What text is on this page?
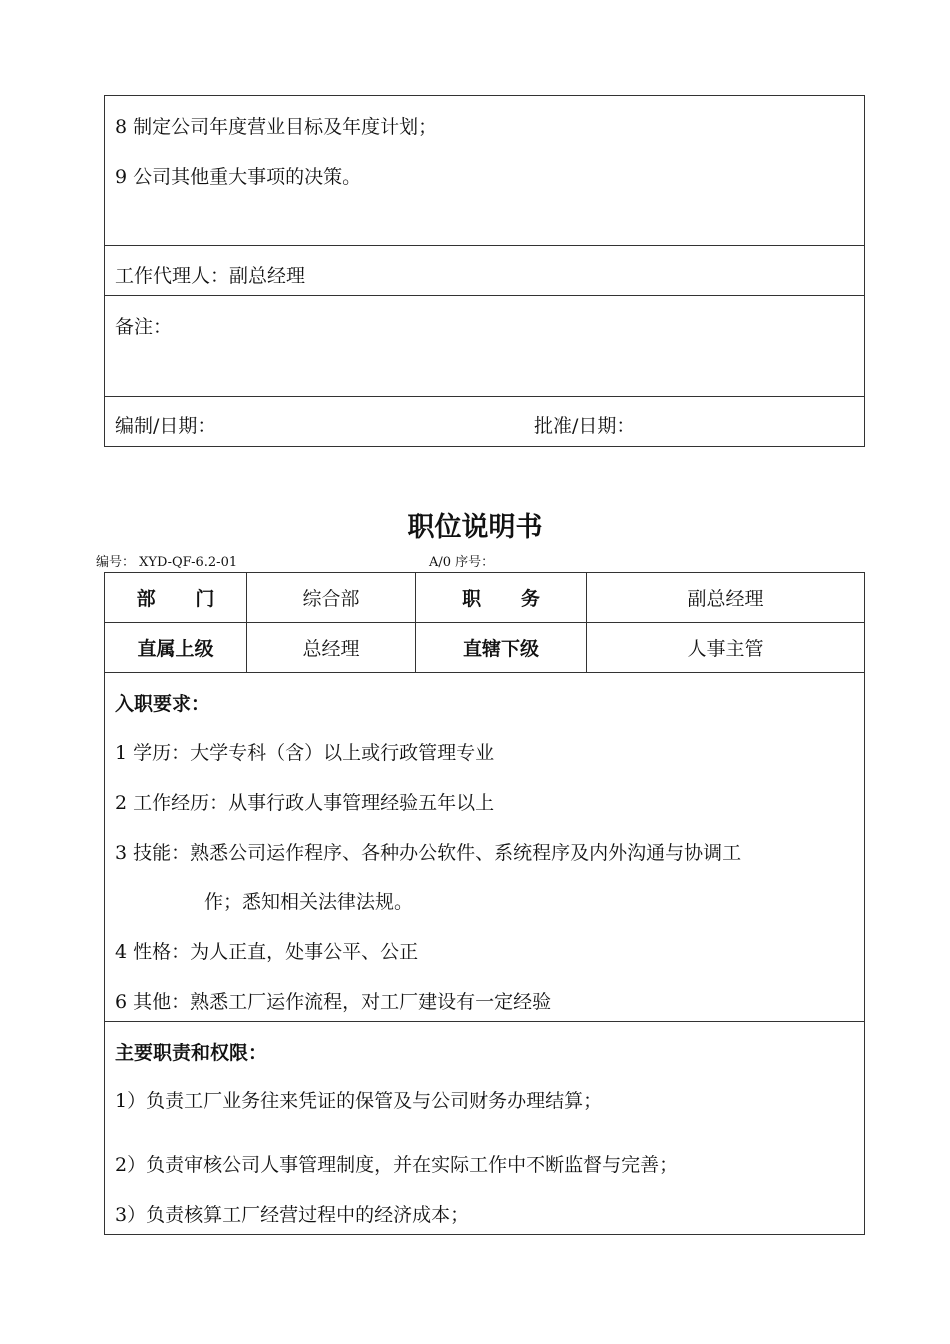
8 制定公司年度营业目标及年度计划；
9 公司其他重大事项的决策。
工作代理人：副总经理
备注：
编制/日期：	批准/日期：
职位说明书
编号： XYD-QF-6.2-01	A/0 序号：
部      门	综合部	职      务	副总经理
直属上级	总经理	直辖下级	人事主管
入职要求：
1 学历：大学专科（含）以上或行政管理专业
2 工作经历：从事行政人事管理经验五年以上
3 技能：熟悉公司运作程序、各种办公软件、系统程序及内外沟通与协调工
作；悉知相关法律法规。
4 性格：为人正直，处事公平、公正
6 其他：熟悉工厂运作流程，对工厂建设有一定经验
主要职责和权限：
1）负责工厂业务往来凭证的保管及与公司财务办理结算；
2）负责审核公司人事管理制度，并在实际工作中不断监督与完善；
3）负责核算工厂经营过程中的经济成本；
